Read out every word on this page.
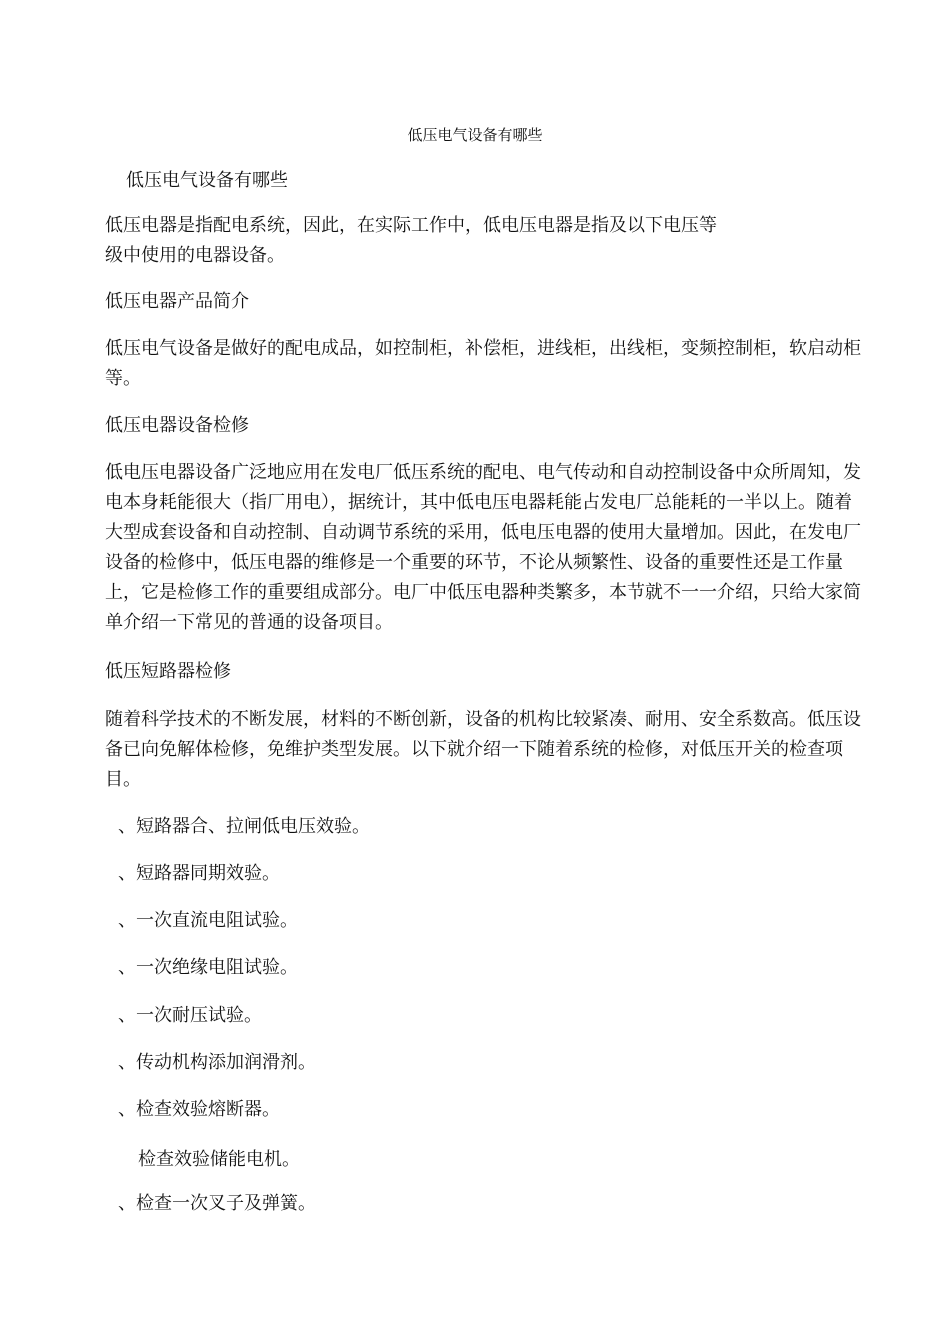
低压电气设备有哪些
低压电气设备有哪些

低压电器是指配电系统，因此，在实际工作中，低电压电器是指及以下电压等级中使用的电器设备。

低压电器产品简介

低压电气设备是做好的配电成品，如控制柜，补偿柜，进线柜，出线柜，变频控制柜，软启动柜等。

低压电器设备检修

低电压电器设备广泛地应用在发电厂低压系统的配电、电气传动和自动控制设备中众所周知，发电本身耗能很大（指厂用电），据统计，其中低电压电器耗能占发电厂总能耗的一半以上。随着大型成套设备和自动控制、自动调节系统的采用，低电压电器的使用大量增加。因此，在发电厂设备的检修中，低压电器的维修是一个重要的环节，不论从频繁性、设备的重要性还是工作量上，它是检修工作的重要组成部分。电厂中低压电器种类繁多，本节就不一一介绍，只给大家简单介绍一下常见的普通的设备项目。

低压短路器检修

随着科学技术的不断发展，材料的不断创新，设备的机构比较紧凑、耐用、安全系数高。低压设备已向免解体检修，免维护类型发展。以下就介绍一下随着系统的检修，对低压开关的检查项目。

、短路器合、拉闸低电压效验。
、短路器同期效验。
、一次直流电阻试验。
、一次绝缘电阻试验。
、一次耐压试验。
、传动机构添加润滑剂。
、检查效验熔断器。
检查效验储能电机。
、检查一次叉子及弹簧。
